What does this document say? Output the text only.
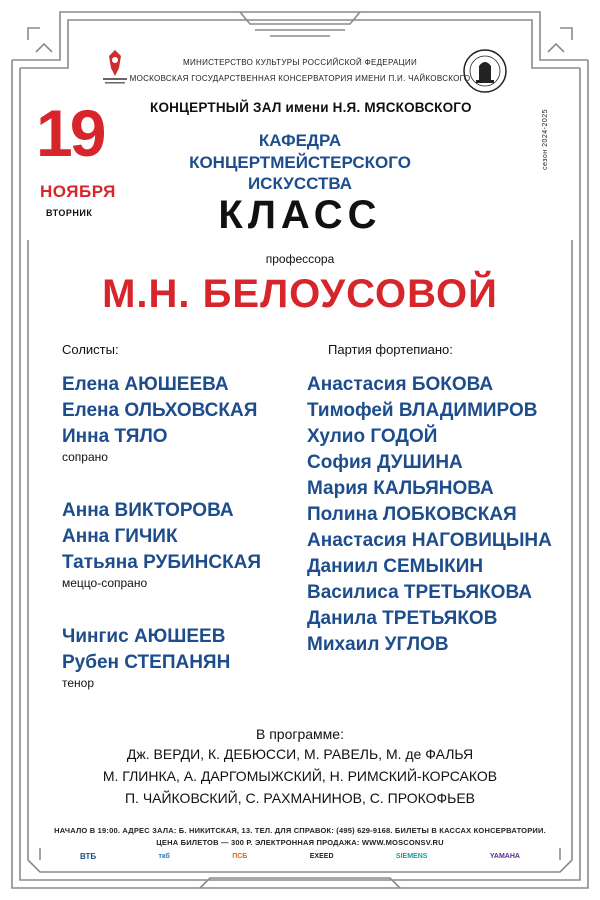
МИНИСТЕРСТВО КУЛЬТУРЫ РОССИЙСКОЙ ФЕДЕРАЦИИ
МОСКОВСКАЯ ГОСУДАРСТВЕННАЯ КОНСЕРВАТОРИЯ ИМЕНИ П.И. ЧАЙКОВСКОГО
сезон 2024-2025
КОНЦЕРТНЫЙ ЗАЛ имени Н.Я. МЯСКОВСКОГО
19
НОЯБРЯ
ВТОРНИК
КАФЕДРА
КОНЦЕРТМЕЙСТЕРСКОГО ИСКУССТВА
КЛАСС
профессора
М.Н. БЕЛОУСОВОЙ
Солисты:
Елена АЮШЕЕВА
Елена ОЛЬХОВСКАЯ
Инна ТЯЛО
сопрано
Анна ВИКТОРОВА
Анна ГИЧИК
Татьяна РУБИНСКАЯ
меццо-сопрано
Чингис АЮШЕЕВ
Рубен СТЕПАНЯН
тенор
Партия фортепиано:
Анастасия БОКОВА
Тимофей ВЛАДИМИРОВ
Хулио ГОДОЙ
София ДУШИНА
Мария КАЛЬЯНОВА
Полина ЛОБКОВСКАЯ
Анастасия НАГОВИЦЫНА
Даниил СЕМЫКИН
Василиса ТРЕТЬЯКОВА
Данила ТРЕТЬЯКОВ
Михаил УГЛОВ
В программе:
Дж. ВЕРДИ, К. ДЕБЮССИ, М. РАВЕЛЬ, М. де ФАЛЬЯ
М. ГЛИНКА, А. ДАРГОМЫЖСКИЙ, Н. РИМСКИЙ-КОРСАКОВ
П. ЧАЙКОВСКИЙ, С. РАХМАНИНОВ, С. ПРОКОФЬЕВ
НАЧАЛО В 19:00. АДРЕС ЗАЛА: Б. НИКИТСКАЯ, 13. ТЕЛ. ДЛЯ СПРАВОК: (495) 629-9168. БИЛЕТЫ В КАССАХ КОНСЕРВАТОРИИ.
ЦЕНА БИЛЕТОВ — 300 Р. ЭЛЕКТРОННАЯ ПРОДАЖА: WWW.MOSCONSV.RU
ВТБ	ткб	ПСБ	EXEED	SIEMENS	YAMAHA
